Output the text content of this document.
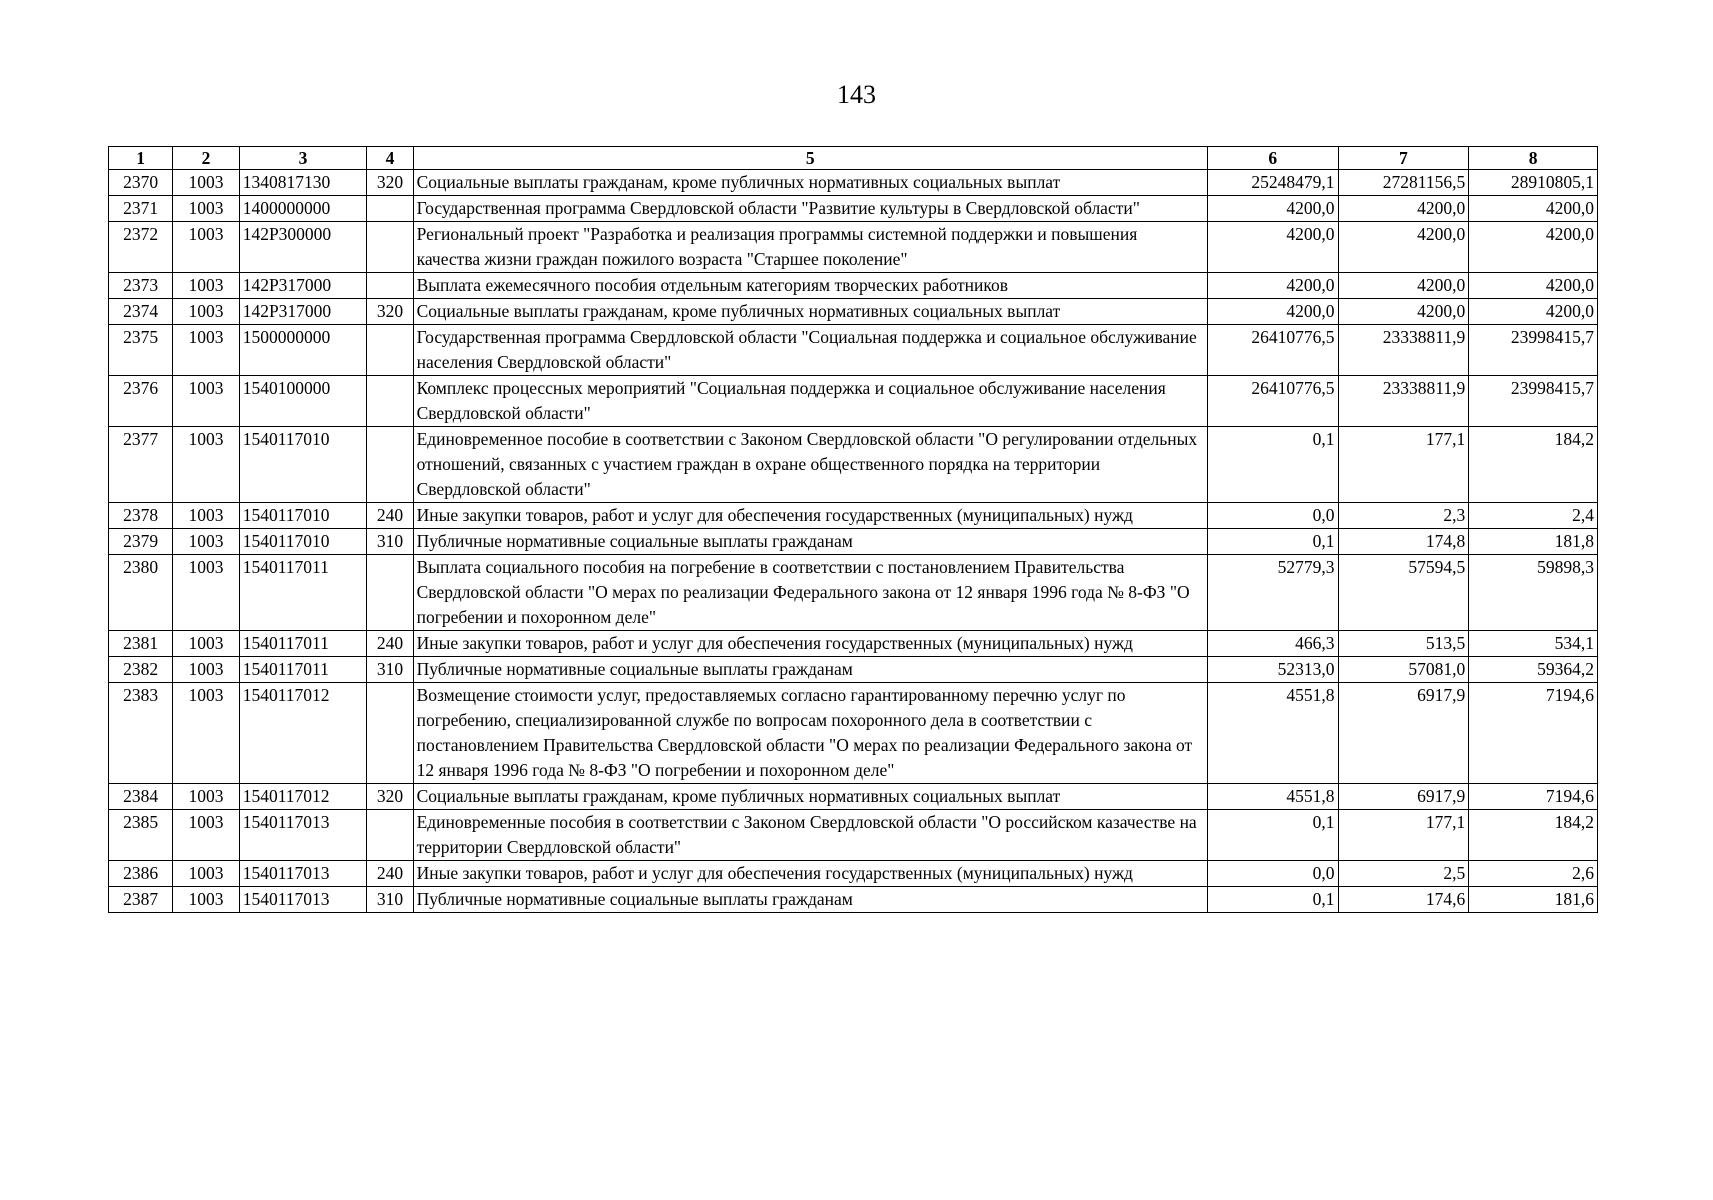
143
1	2	3	4	5	6	7	8
2370	1003	1340817130	320	Социальные выплаты гражданам, кроме публичных нормативных социальных выплат	25248479,1	27281156,5	28910805,1
2371	1003	1400000000		Государственная программа Свердловской области "Развитие культуры в Свердловской области"	4200,0	4200,0	4200,0
2372	1003	142Р300000		Региональный проект "Разработка и реализация программы системной поддержки и повышения качества жизни граждан пожилого возраста "Старшее поколение"	4200,0	4200,0	4200,0
2373	1003	142Р317000		Выплата ежемесячного пособия отдельным категориям творческих работников	4200,0	4200,0	4200,0
2374	1003	142Р317000	320	Социальные выплаты гражданам, кроме публичных нормативных социальных выплат	4200,0	4200,0	4200,0
2375	1003	1500000000		Государственная программа Свердловской области "Социальная поддержка и социальное обслуживание населения Свердловской области"	26410776,5	23338811,9	23998415,7
2376	1003	1540100000		Комплекс процессных мероприятий "Социальная поддержка и социальное обслуживание населения Свердловской области"	26410776,5	23338811,9	23998415,7
2377	1003	1540117010		Единовременное пособие в соответствии с Законом Свердловской области "О регулировании отдельных отношений, связанных с участием граждан в охране общественного порядка на территории Свердловской области"	0,1	177,1	184,2
2378	1003	1540117010	240	Иные закупки товаров, работ и услуг для обеспечения государственных (муниципальных) нужд	0,0	2,3	2,4
2379	1003	1540117010	310	Публичные нормативные социальные выплаты гражданам	0,1	174,8	181,8
2380	1003	1540117011		Выплата социального пособия на погребение в соответствии с постановлением Правительства Свердловской области "О мерах по реализации Федерального закона от 12 января 1996 года № 8-ФЗ "О погребении и похоронном деле"	52779,3	57594,5	59898,3
2381	1003	1540117011	240	Иные закупки товаров, работ и услуг для обеспечения государственных (муниципальных) нужд	466,3	513,5	534,1
2382	1003	1540117011	310	Публичные нормативные социальные выплаты гражданам	52313,0	57081,0	59364,2
2383	1003	1540117012		Возмещение стоимости услуг, предоставляемых согласно гарантированному перечню услуг по погребению, специализированной службе по вопросам похоронного дела в соответствии с постановлением Правительства Свердловской области "О мерах по реализации Федерального закона от 12 января 1996 года № 8-ФЗ "О погребении и похоронном деле"	4551,8	6917,9	7194,6
2384	1003	1540117012	320	Социальные выплаты гражданам, кроме публичных нормативных социальных выплат	4551,8	6917,9	7194,6
2385	1003	1540117013		Единовременные пособия в соответствии с Законом Свердловской области "О российском казачестве на территории Свердловской области"	0,1	177,1	184,2
2386	1003	1540117013	240	Иные закупки товаров, работ и услуг для обеспечения государственных (муниципальных) нужд	0,0	2,5	2,6
2387	1003	1540117013	310	Публичные нормативные социальные выплаты гражданам	0,1	174,6	181,6
